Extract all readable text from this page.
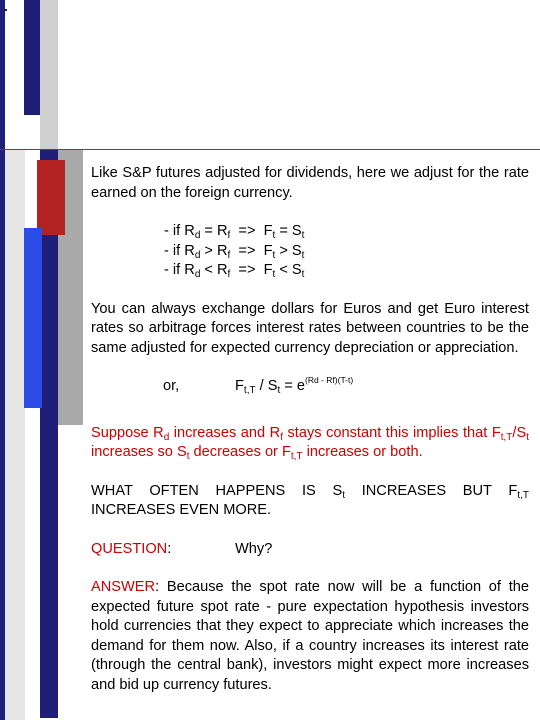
Like S&P futures adjusted for dividends, here we adjust for the rate earned on the foreign currency.

- if $R_d = R_f => F_t = S_t$
- if $R_d > R_f => F_t > S_t$
- if $R_d < R_f => F_t < S_t$

You can always exchange dollars for Euros and get Euro interest rates so arbitrage forces interest rates between countries to be the same adjusted for expected currency depreciation or appreciation.

or,	$F_{t,T} / S_t = e^{(Rd - Rf)(T-t)}$

Suppose $R_d$ increases and $R_f$ stays constant this implies that $F_{t,T}/S_t$ increases so $S_t$ decreases or $F_{t,T}$ increases or both.

WHAT OFTEN HAPPENS IS $S_t$ INCREASES BUT $F_{t,T}$
INCREASES EVEN MORE.

QUESTION:	Why?

ANSWER: Because the spot rate now will be a function of the expected future spot rate - pure expectation hypothesis investors hold currencies that they expect to appreciate which increases the demand for them now. Also, if a country increases its interest rate (through the central bank), investors might expect more increases and bid up currency futures.
